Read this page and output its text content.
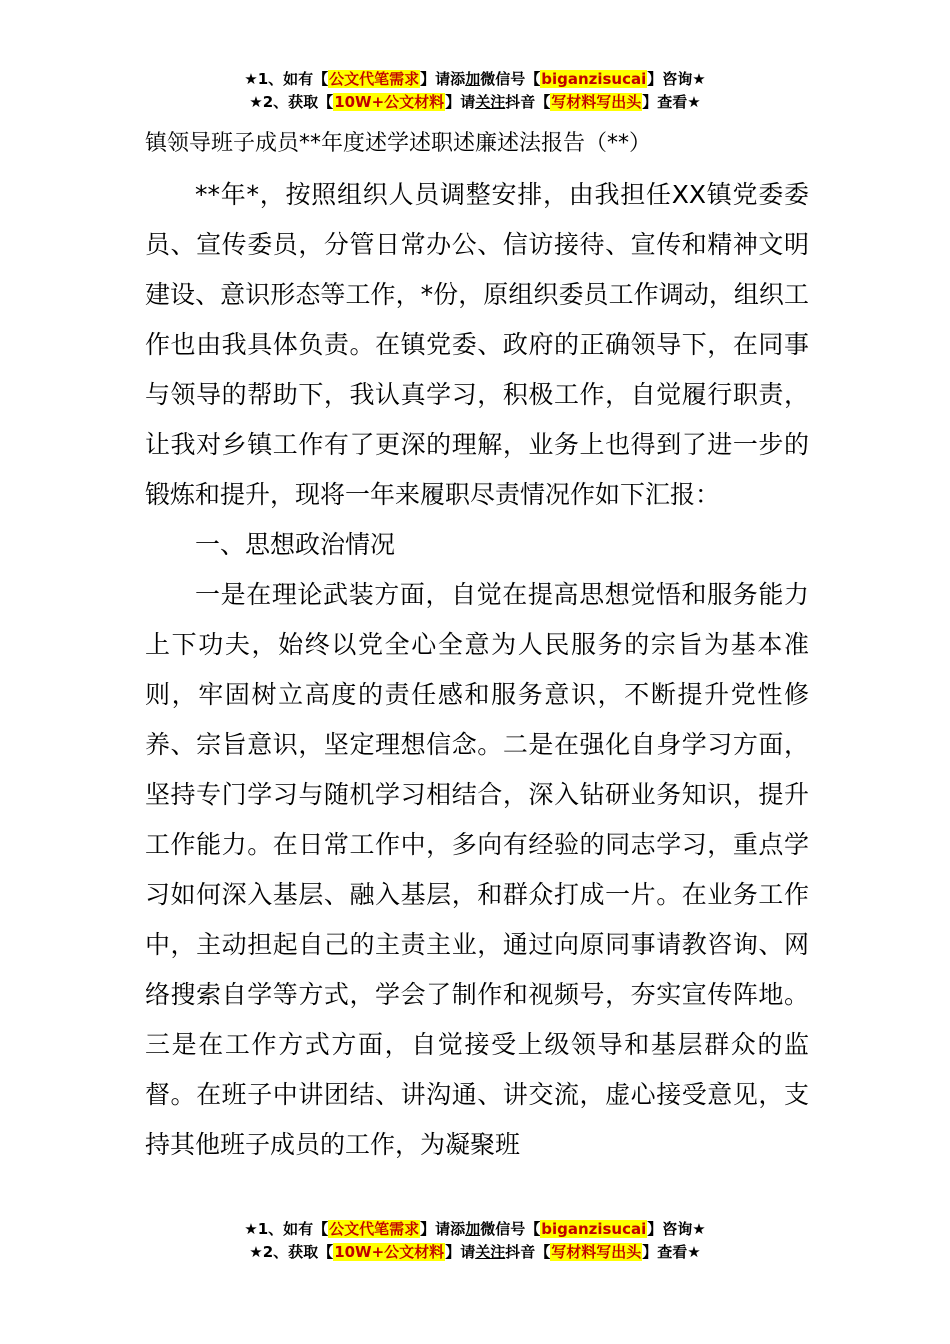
★1、如有【公文代笔需求】请添加微信号【biganzisucai】咨询★
★2、获取【10W+公文材料】请关注抖音【写材料写出头】查看★
镇领导班子成员**年度述学述职述廉述法报告（**）

**年*，按照组织人员调整安排，由我担任XX镇党委委员、宣传委员，分管日常办公、信访接待、宣传和精神文明建设、意识形态等工作，*份，原组织委员工作调动，组织工作也由我具体负责。在镇党委、政府的正确领导下，在同事与领导的帮助下，我认真学习，积极工作，自觉履行职责，让我对乡镇工作有了更深的理解，业务上也得到了进一步的锻炼和提升，现将一年来履职尽责情况作如下汇报：

一、思想政治情况

一是在理论武装方面，自觉在提高思想觉悟和服务能力上下功夫，始终以党全心全意为人民服务的宗旨为基本准则，牢固树立高度的责任感和服务意识，不断提升党性修养、宗旨意识，坚定理想信念。二是在强化自身学习方面，坚持专门学习与随机学习相结合，深入钻研业务知识，提升工作能力。在日常工作中，多向有经验的同志学习，重点学习如何深入基层、融入基层，和群众打成一片。在业务工作中，主动担起自己的主责主业，通过向原同事请教咨询、网络搜索自学等方式，学会了制作和视频号，夯实宣传阵地。三是在工作方式方面，自觉接受上级领导和基层群众的监督。在班子中讲团结、讲沟通、讲交流，虚心接受意见，支持其他班子成员的工作，为凝聚班

★1、如有【公文代笔需求】请添加微信号【biganzisucai】咨询★
★2、获取【10W+公文材料】请关注抖音【写材料写出头】查看★
